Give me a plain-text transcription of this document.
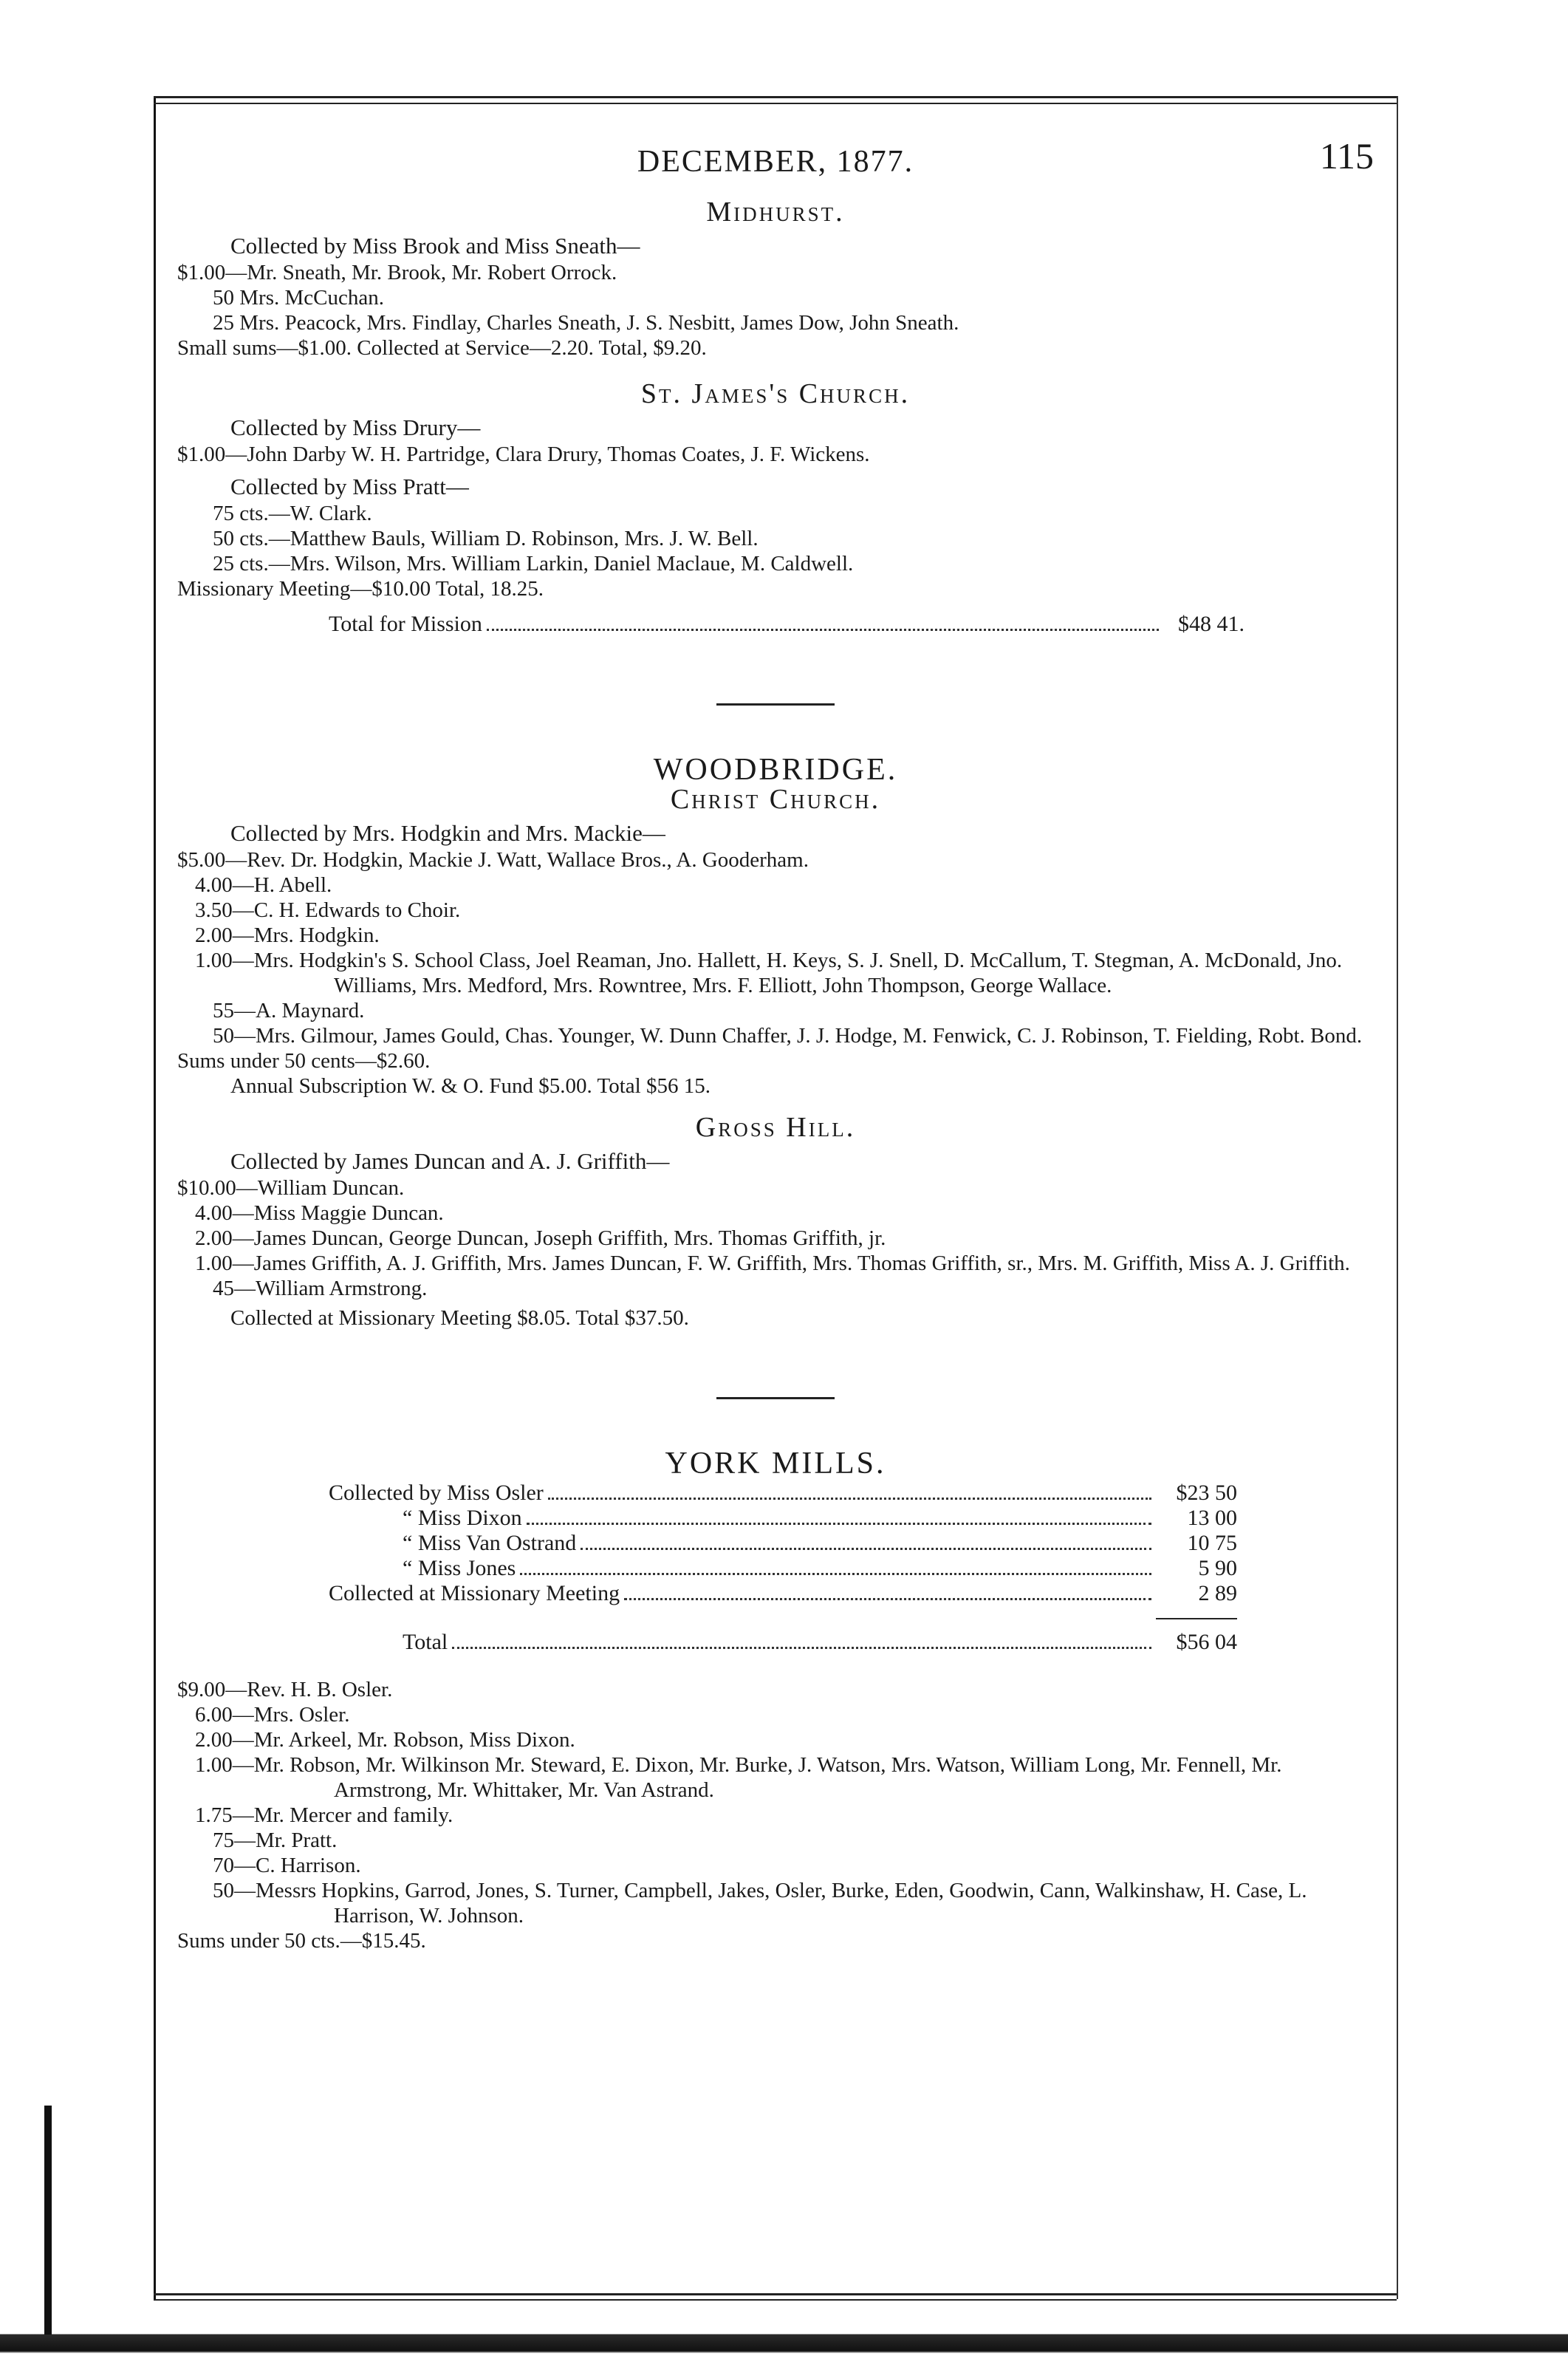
DECEMBER, 1877.	115
Midhurst.

Collected by Miss Brook and Miss Sneath—

$1.00—Mr. Sneath, Mr. Brook, Mr. Robert Orrock.

50 Mrs. McCuchan.

25 Mrs. Peacock, Mrs. Findlay, Charles Sneath, J. S. Nesbitt, James Dow, John Sneath.

Small sums—$1.00. Collected at Service—2.20. Total, $9.20.

St. James's Church.

Collected by Miss Drury—

$1.00—John Darby W. H. Partridge, Clara Drury, Thomas Coates, J. F. Wickens.

Collected by Miss Pratt—

75 cts.—W. Clark.

50 cts.—Matthew Bauls, William D. Robinson, Mrs. J. W. Bell.

25 cts.—Mrs. Wilson, Mrs. William Larkin, Daniel Maclaue, M. Caldwell.

Missionary Meeting—$10.00 Total, 18.25.

Total for Mission	$48 41.
WOODBRIDGE.
Christ Church.

Collected by Mrs. Hodgkin and Mrs. Mackie—

$5.00—Rev. Dr. Hodgkin, Mackie J. Watt, Wallace Bros., A. Gooderham.

4.00—H. Abell.

3.50—C. H. Edwards to Choir.

2.00—Mrs. Hodgkin.

1.00—Mrs. Hodgkin's S. School Class, Joel Reaman, Jno. Hallett, H. Keys, S. J. Snell, D. McCallum, T. Stegman, A. McDonald, Jno. Williams, Mrs. Medford, Mrs. Rowntree, Mrs. F. Elliott, John Thompson, George Wallace.

55—A. Maynard.

50—Mrs. Gilmour, James Gould, Chas. Younger, W. Dunn Chaffer, J. J. Hodge, M. Fenwick, C. J. Robinson, T. Fielding, Robt. Bond.

Sums under 50 cents—$2.60.

Annual Subscription W. & O. Fund $5.00. Total $56 15.

Gross Hill.

Collected by James Duncan and A. J. Griffith—

$10.00—William Duncan.

4.00—Miss Maggie Duncan.

2.00—James Duncan, George Duncan, Joseph Griffith, Mrs. Thomas Griffith, jr.

1.00—James Griffith, A. J. Griffith, Mrs. James Duncan, F. W. Griffith, Mrs. Thomas Griffith, sr., Mrs. M. Griffith, Miss A. J. Griffith.

45—William Armstrong.

Collected at Missionary Meeting $8.05. Total $37.50.

YORK MILLS.
Collected by Miss Osler	$23 50
“ Miss Dixon	13 00
“ Miss Van Ostrand	10 75
“ Miss Jones	5 90
Collected at Missionary Meeting	2 89
Total	$56 04

$9.00—Rev. H. B. Osler.

6.00—Mrs. Osler.

2.00—Mr. Arkeel, Mr. Robson, Miss Dixon.

1.00—Mr. Robson, Mr. Wilkinson Mr. Steward, E. Dixon, Mr. Burke, J. Watson, Mrs. Watson, William Long, Mr. Fennell, Mr. Armstrong, Mr. Whittaker, Mr. Van Astrand.

1.75—Mr. Mercer and family.

75—Mr. Pratt.

70—C. Harrison.

50—Messrs Hopkins, Garrod, Jones, S. Turner, Campbell, Jakes, Osler, Burke, Eden, Goodwin, Cann, Walkinshaw, H. Case, L. Harrison, W. Johnson.

Sums under 50 cts.—$15.45.
